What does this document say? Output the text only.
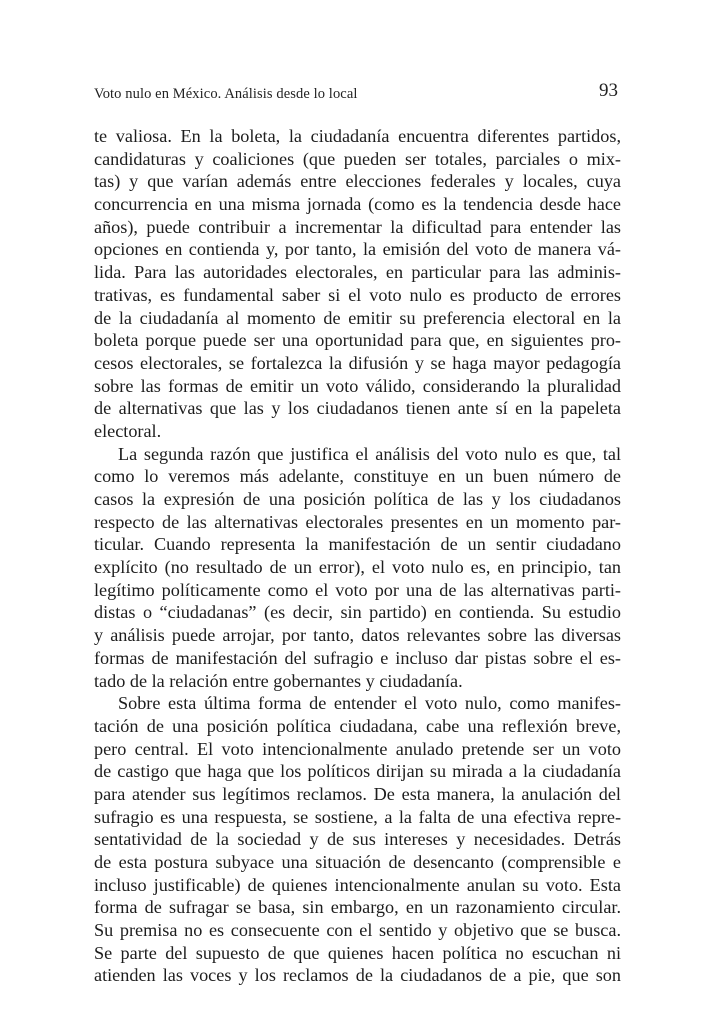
Voto nulo en México. Análisis desde lo local	93
te valiosa. En la boleta, la ciudadanía encuentra diferentes partidos,
candidaturas y coaliciones (que pueden ser totales, parciales o mix-
tas) y que varían además entre elecciones federales y locales, cuya
concurrencia en una misma jornada (como es la tendencia desde hace
años), puede contribuir a incrementar la dificultad para entender las
opciones en contienda y, por tanto, la emisión del voto de manera vá-
lida. Para las autoridades electorales, en particular para las adminis-
trativas, es fundamental saber si el voto nulo es producto de errores
de la ciudadanía al momento de emitir su preferencia electoral en la
boleta porque puede ser una oportunidad para que, en siguientes pro-
cesos electorales, se fortalezca la difusión y se haga mayor pedagogía
sobre las formas de emitir un voto válido, considerando la pluralidad
de alternativas que las y los ciudadanos tienen ante sí en la papeleta
electoral.
La segunda razón que justifica el análisis del voto nulo es que, tal
como lo veremos más adelante, constituye en un buen número de
casos la expresión de una posición política de las y los ciudadanos
respecto de las alternativas electorales presentes en un momento par-
ticular. Cuando representa la manifestación de un sentir ciudadano
explícito (no resultado de un error), el voto nulo es, en principio, tan
legítimo políticamente como el voto por una de las alternativas parti-
distas o “ciudadanas” (es decir, sin partido) en contienda. Su estudio
y análisis puede arrojar, por tanto, datos relevantes sobre las diversas
formas de manifestación del sufragio e incluso dar pistas sobre el es-
tado de la relación entre gobernantes y ciudadanía.
Sobre esta última forma de entender el voto nulo, como manifes-
tación de una posición política ciudadana, cabe una reflexión breve,
pero central. El voto intencionalmente anulado pretende ser un voto
de castigo que haga que los políticos dirijan su mirada a la ciudadanía
para atender sus legítimos reclamos. De esta manera, la anulación del
sufragio es una respuesta, se sostiene, a la falta de una efectiva repre-
sentatividad de la sociedad y de sus intereses y necesidades. Detrás
de esta postura subyace una situación de desencanto (comprensible e
incluso justificable) de quienes intencionalmente anulan su voto. Esta
forma de sufragar se basa, sin embargo, en un razonamiento circular.
Su premisa no es consecuente con el sentido y objetivo que se busca.
Se parte del supuesto de que quienes hacen política no escuchan ni
atienden las voces y los reclamos de la ciudadanos de a pie, que son
